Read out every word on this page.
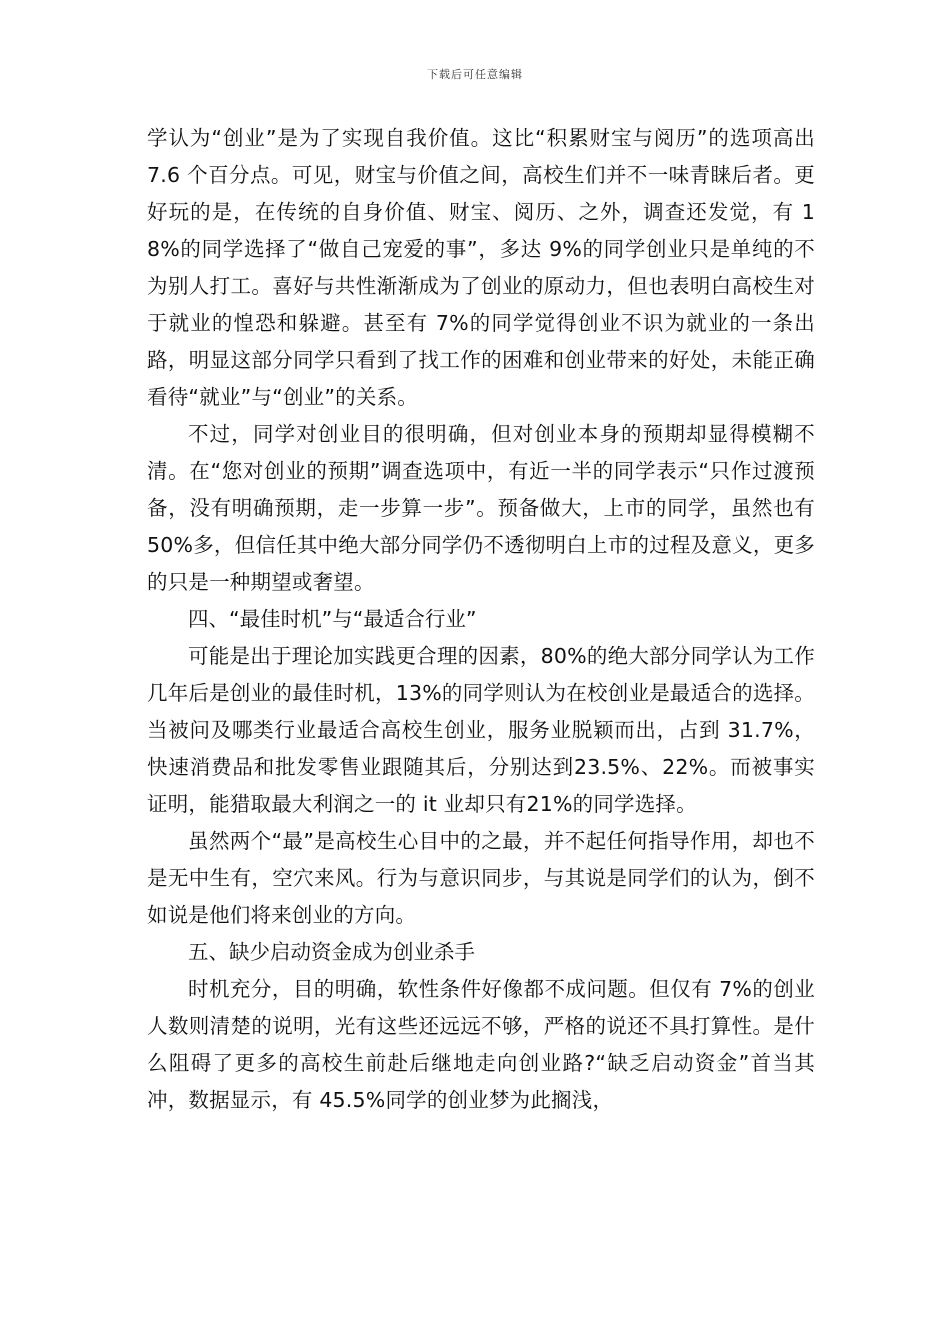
下载后可任意编辑

学认为“创业”是为了实现自我价值。这比“积累财宝与阅历”的选项高出 7.6 个百分点。可见，财宝与价值之间，高校生们并不一味青睐后者。更好玩的是，在传统的自身价值、财宝、阅历、之外，调查还发觉，有 18%的同学选择了“做自己宠爱的事”，多达 9%的同学创业只是单纯的不为别人打工。喜好与共性渐渐成为了创业的原动力，但也表明白高校生对于就业的惶恐和躲避。甚至有 7%的同学觉得创业不识为就业的一条出路，明显这部分同学只看到了找工作的困难和创业带来的好处，未能正确看待“就业”与“创业”的关系。

不过，同学对创业目的很明确，但对创业本身的预期却显得模糊不清。在“您对创业的预期”调查选项中，有近一半的同学表示“只作过渡预备，没有明确预期，走一步算一步”。预备做大，上市的同学，虽然也有 50%多，但信任其中绝大部分同学仍不透彻明白上市的过程及意义，更多的只是一种期望或奢望。

四、“最佳时机”与“最适合行业”

可能是出于理论加实践更合理的因素，80%的绝大部分同学认为工作几年后是创业的最佳时机，13%的同学则认为在校创业是最适合的选择。当被问及哪类行业最适合高校生创业，服务业脱颖而出，占到 31.7%，快速消费品和批发零售业跟随其后，分别达到23.5%、22%。而被事实证明，能猎取最大利润之一的 it 业却只有21%的同学选择。

虽然两个“最”是高校生心目中的之最，并不起任何指导作用，却也不是无中生有，空穴来风。行为与意识同步，与其说是同学们的认为，倒不如说是他们将来创业的方向。

五、缺少启动资金成为创业杀手

时机充分，目的明确，软性条件好像都不成问题。但仅有 7%的创业人数则清楚的说明，光有这些还远远不够，严格的说还不具打算性。是什么阻碍了更多的高校生前赴后继地走向创业路?“缺乏启动资金”首当其冲，数据显示，有 45.5%同学的创业梦为此搁浅，
